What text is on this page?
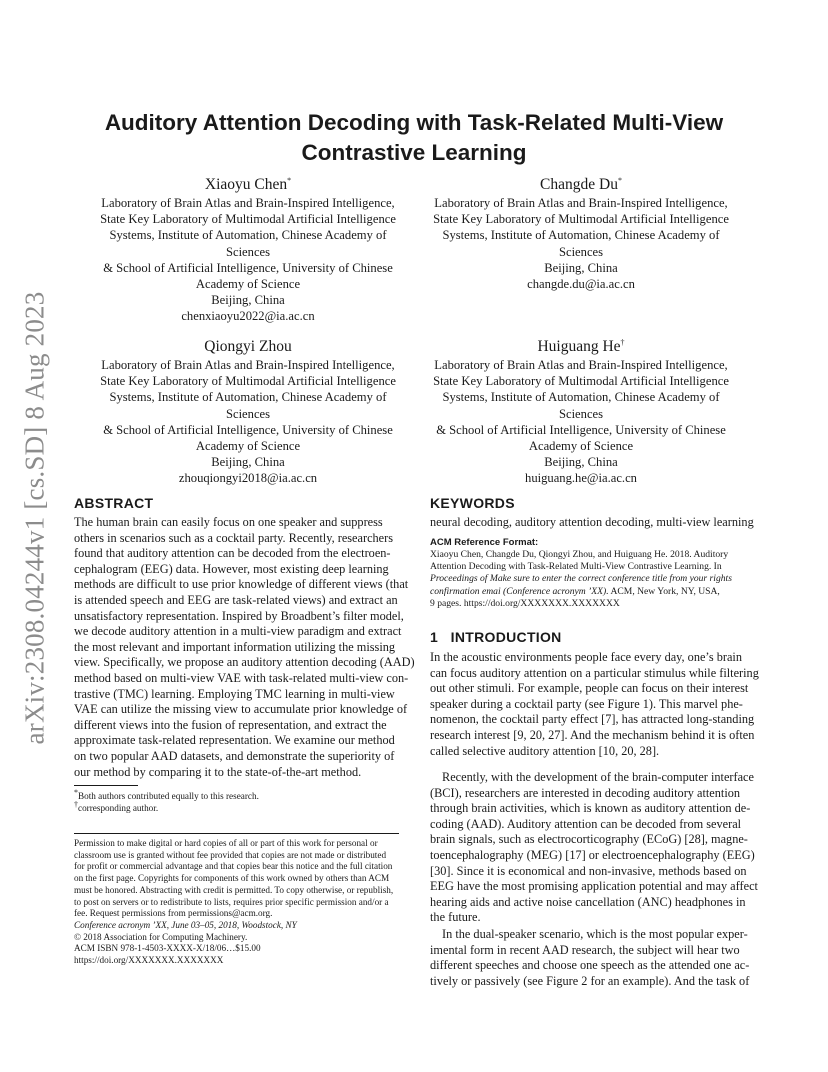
arXiv:2308.04244v1 [cs.SD] 8 Aug 2023
Auditory Attention Decoding with Task-Related Multi-View
Contrastive Learning
Xiaoyu Chen*
Laboratory of Brain Atlas and Brain-Inspired Intelligence,
State Key Laboratory of Multimodal Artificial Intelligence
Systems, Institute of Automation, Chinese Academy of
Sciences
& School of Artificial Intelligence, University of Chinese
Academy of Science
Beijing, China
chenxiaoyu2022@ia.ac.cn
Changde Du*
Laboratory of Brain Atlas and Brain-Inspired Intelligence,
State Key Laboratory of Multimodal Artificial Intelligence
Systems, Institute of Automation, Chinese Academy of
Sciences
Beijing, China
changde.du@ia.ac.cn
Qiongyi Zhou
Laboratory of Brain Atlas and Brain-Inspired Intelligence,
State Key Laboratory of Multimodal Artificial Intelligence
Systems, Institute of Automation, Chinese Academy of
Sciences
& School of Artificial Intelligence, University of Chinese
Academy of Science
Beijing, China
zhouqiongyi2018@ia.ac.cn
Huiguang He†
Laboratory of Brain Atlas and Brain-Inspired Intelligence,
State Key Laboratory of Multimodal Artificial Intelligence
Systems, Institute of Automation, Chinese Academy of
Sciences
& School of Artificial Intelligence, University of Chinese
Academy of Science
Beijing, China
huiguang.he@ia.ac.cn
ABSTRACT
The human brain can easily focus on one speaker and suppress
others in scenarios such as a cocktail party. Recently, researchers
found that auditory attention can be decoded from the electroen-
cephalogram (EEG) data. However, most existing deep learning
methods are difficult to use prior knowledge of different views (that
is attended speech and EEG are task-related views) and extract an
unsatisfactory representation. Inspired by Broadbent’s filter model,
we decode auditory attention in a multi-view paradigm and extract
the most relevant and important information utilizing the missing
view. Specifically, we propose an auditory attention decoding (AAD)
method based on multi-view VAE with task-related multi-view con-
trastive (TMC) learning. Employing TMC learning in multi-view
VAE can utilize the missing view to accumulate prior knowledge of
different views into the fusion of representation, and extract the
approximate task-related representation. We examine our method
on two popular AAD datasets, and demonstrate the superiority of
our method by comparing it to the state-of-the-art method.
*Both authors contributed equally to this research.
†corresponding author.
Permission to make digital or hard copies of all or part of this work for personal or
classroom use is granted without fee provided that copies are not made or distributed
for profit or commercial advantage and that copies bear this notice and the full citation
on the first page. Copyrights for components of this work owned by others than ACM
must be honored. Abstracting with credit is permitted. To copy otherwise, or republish,
to post on servers or to redistribute to lists, requires prior specific permission and/or a
fee. Request permissions from permissions@acm.org.
Conference acronym ’XX, June 03–05, 2018, Woodstock, NY
© 2018 Association for Computing Machinery.
ACM ISBN 978-1-4503-XXXX-X/18/06…$15.00
https://doi.org/XXXXXXX.XXXXXXX
KEYWORDS
neural decoding, auditory attention decoding, multi-view learning
ACM Reference Format:
Xiaoyu Chen, Changde Du, Qiongyi Zhou, and Huiguang He. 2018. Auditory
Attention Decoding with Task-Related Multi-View Contrastive Learning. In
Proceedings of Make sure to enter the correct conference title from your rights
confirmation emai (Conference acronym ’XX). ACM, New York, NY, USA,
9 pages. https://doi.org/XXXXXXX.XXXXXXX
1   INTRODUCTION
In the acoustic environments people face every day, one’s brain
can focus auditory attention on a particular stimulus while filtering
out other stimuli. For example, people can focus on their interest
speaker during a cocktail party (see Figure 1). This marvel phe-
nomenon, the cocktail party effect [7], has attracted long-standing
research interest [9, 20, 27]. And the mechanism behind it is often
called selective auditory attention [10, 20, 28].
Recently, with the development of the brain-computer interface
(BCI), researchers are interested in decoding auditory attention
through brain activities, which is known as auditory attention de-
coding (AAD). Auditory attention can be decoded from several
brain signals, such as electrocorticography (ECoG) [28], magne-
toencephalography (MEG) [17] or electroencephalography (EEG)
[30]. Since it is economical and non-invasive, methods based on
EEG have the most promising application potential and may affect
hearing aids and active noise cancellation (ANC) headphones in
the future.
In the dual-speaker scenario, which is the most popular exper-
imental form in recent AAD research, the subject will hear two
different speeches and choose one speech as the attended one ac-
tively or passively (see Figure 2 for an example). And the task of
